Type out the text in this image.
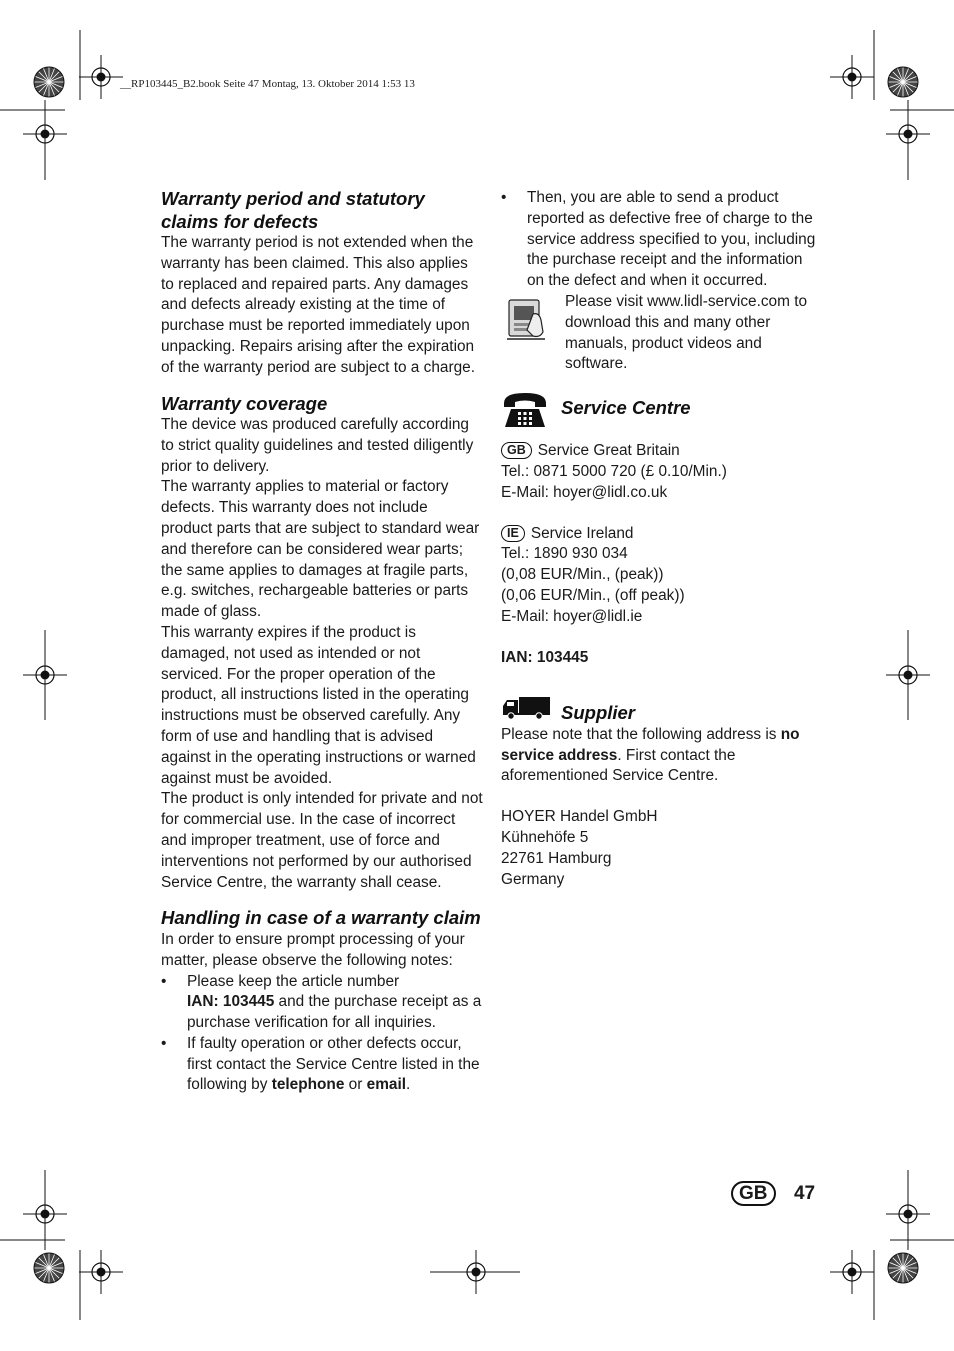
__RP103445_B2.book Seite 47 Montag, 13. Oktober 2014 1:53 13
Warranty period and statutory claims for defects

The warranty period is not extended when the warranty has been claimed. This also applies to replaced and repaired parts. Any damages and defects already existing at the time of purchase must be reported immediately upon unpacking. Repairs arising after the expiration of the warranty period are subject to a charge.

Warranty coverage

The device was produced carefully according to strict quality guidelines and tested diligently prior to delivery.

The warranty applies to material or factory defects. This warranty does not include product parts that are subject to standard wear and therefore can be considered wear parts; the same applies to damages at fragile parts, e.g. switches, rechargeable batteries or parts made of glass.

This warranty expires if the product is damaged, not used as intended or not serviced. For the proper operation of the product, all instructions listed in the operating instructions must be observed carefully. Any form of use and handling that is advised against in the operating instructions or warned against must be avoided.

The product is only intended for private and not for commercial use. In the case of incorrect and improper treatment, use of force and interventions not performed by our authorised Service Centre, the warranty shall cease.

Handling in case of a warranty claim

In order to ensure prompt processing of your matter, please observe the following notes:

• Please keep the article number
IAN: 103445 and the purchase receipt as a purchase verification for all inquiries.
• If faulty operation or other defects occur, first contact the Service Centre listed in the following by telephone or email.
• Then, you are able to send a product reported as defective free of charge to the service address specified to you, including the purchase receipt and the information on the defect and when it occurred.

Please visit www.lidl-service.com to download this and many other manuals, product videos and software.

Service Centre

GB Service Great Britain

Tel.: 0871 5000 720 (£ 0.10/Min.)

E-Mail: hoyer@lidl.co.uk

IE Service Ireland

Tel.: 1890 930 034

(0,08 EUR/Min., (peak))

(0,06 EUR/Min., (off peak))

E-Mail: hoyer@lidl.ie

IAN: 103445

Supplier

Please note that the following address is no service address. First contact the aforementioned Service Centre.

HOYER Handel GmbH

Kühnehöfe 5

22761 Hamburg

Germany

GB 47
